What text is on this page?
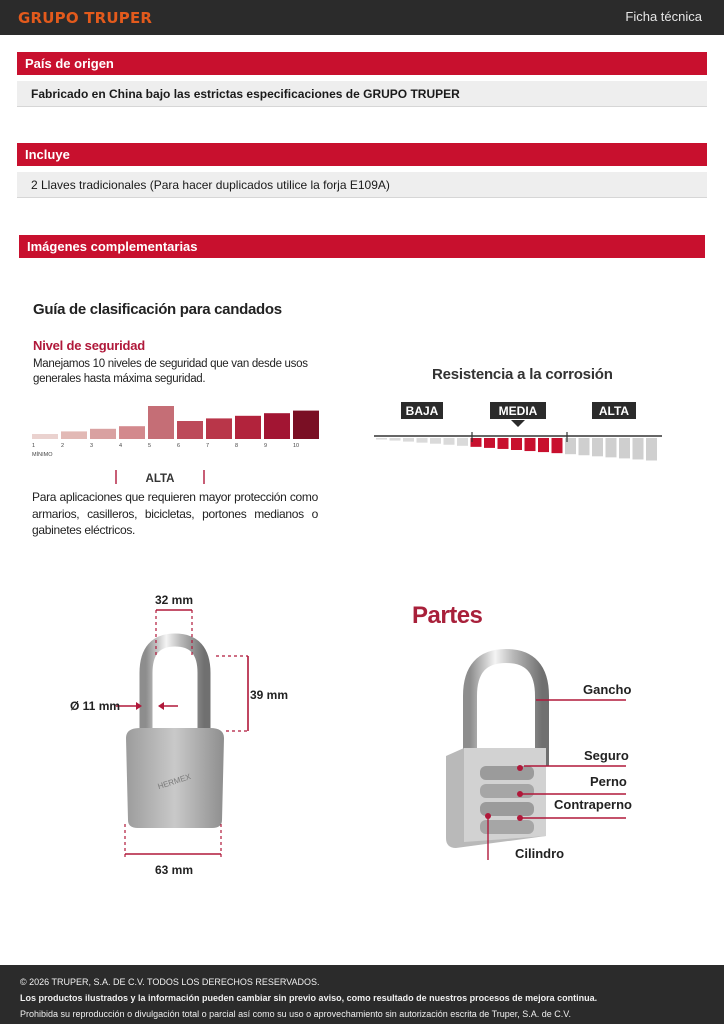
GRUPO TRUPER	Ficha técnica
País de origen
Fabricado en China bajo las estrictas especificaciones de GRUPO TRUPER
Incluye
2 Llaves tradicionales (Para hacer duplicados utilice la forja E109A)
Imágenes complementarias
Guía de clasificación para candados
Nivel de seguridad
Manejamos 10 niveles de seguridad que van desde usos generales hasta máxima seguridad.
1	2	3	4	5	6	7	8	9	10
MÍNIMO
ALTA
Para aplicaciones que requieren mayor protección como armarios, casilleros, bicicletas, portones medianos o gabinetes eléctricos.
Resistencia a la corrosión
BAJA	MEDIA	ALTA
HERMEX
32 mm
39 mm
Ø 11 mm
63 mm
Partes
Gancho
Seguro
Perno
Contraperno
Cilindro
© 2026 TRUPER, S.A. DE C.V. TODOS LOS DERECHOS RESERVADOS.
Los productos ilustrados y la información pueden cambiar sin previo aviso, como resultado de nuestros procesos de mejora continua.
Prohibida su reproducción o divulgación total o parcial así como su uso o aprovechamiento sin autorización escrita de Truper, S.A. de C.V.
